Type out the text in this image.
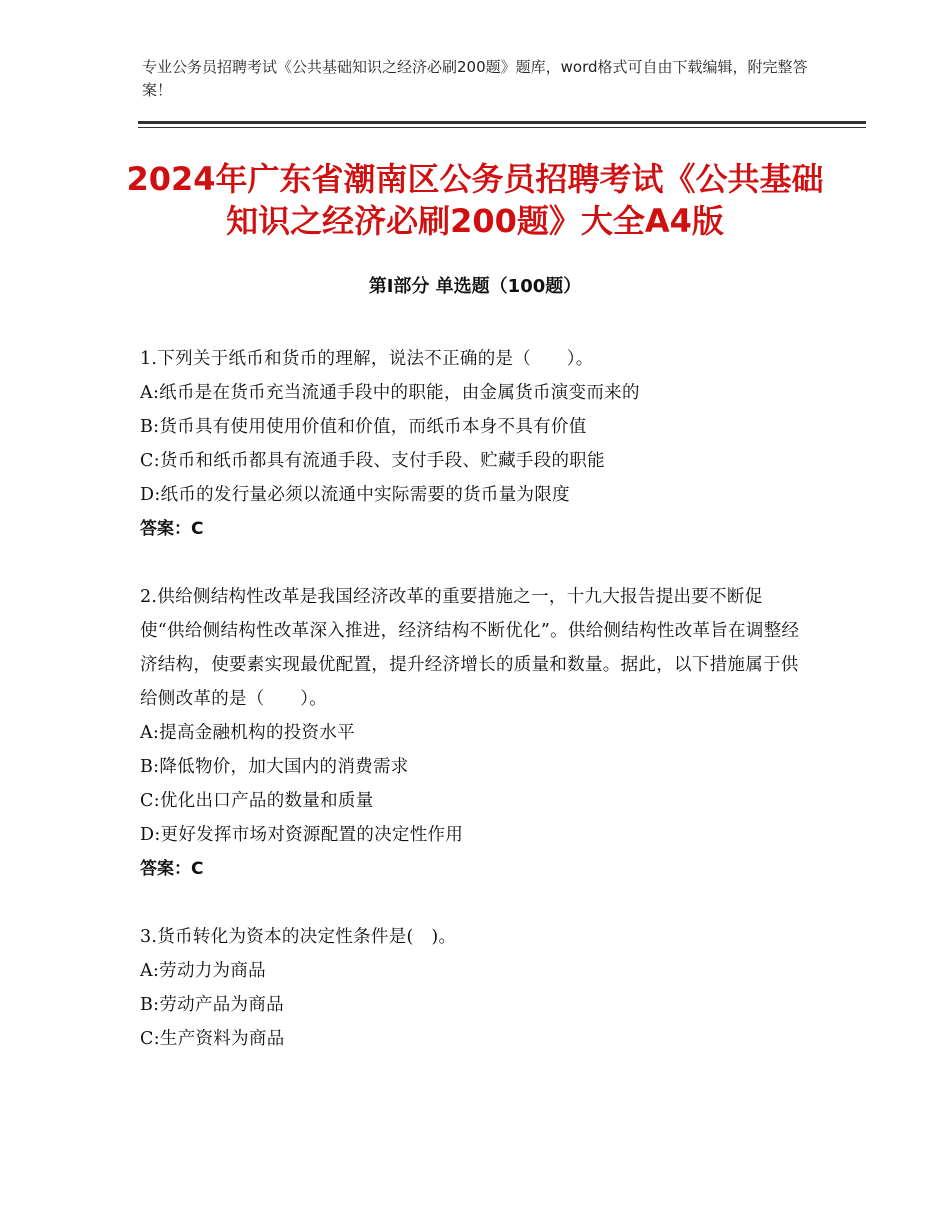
专业公务员招聘考试《公共基础知识之经济必刷200题》题库，word格式可自由下载编辑，附完整答案！
2024年广东省潮南区公务员招聘考试《公共基础知识之经济必刷200题》大全A4版
第Ⅰ部分 单选题（100题）

1.下列关于纸币和货币的理解，说法不正确的是（　　）。

A:纸币是在货币充当流通手段中的职能，由金属货币演变而来的

B:货币具有使用使用价值和价值，而纸币本身不具有价值

C:货币和纸币都具有流通手段、支付手段、贮藏手段的职能

D:纸币的发行量必须以流通中实际需要的货币量为限度

答案：C

2.供给侧结构性改革是我国经济改革的重要措施之一，十九大报告提出要不断促使“供给侧结构性改革深入推进，经济结构不断优化”。供给侧结构性改革旨在调整经济结构，使要素实现最优配置，提升经济增长的质量和数量。据此，以下措施属于供给侧改革的是（　　）。

A:提高金融机构的投资水平

B:降低物价，加大国内的消费需求

C:优化出口产品的数量和质量

D:更好发挥市场对资源配置的决定性作用

答案：C

3.货币转化为资本的决定性条件是(　)。

A:劳动力为商品

B:劳动产品为商品

C:生产资料为商品
